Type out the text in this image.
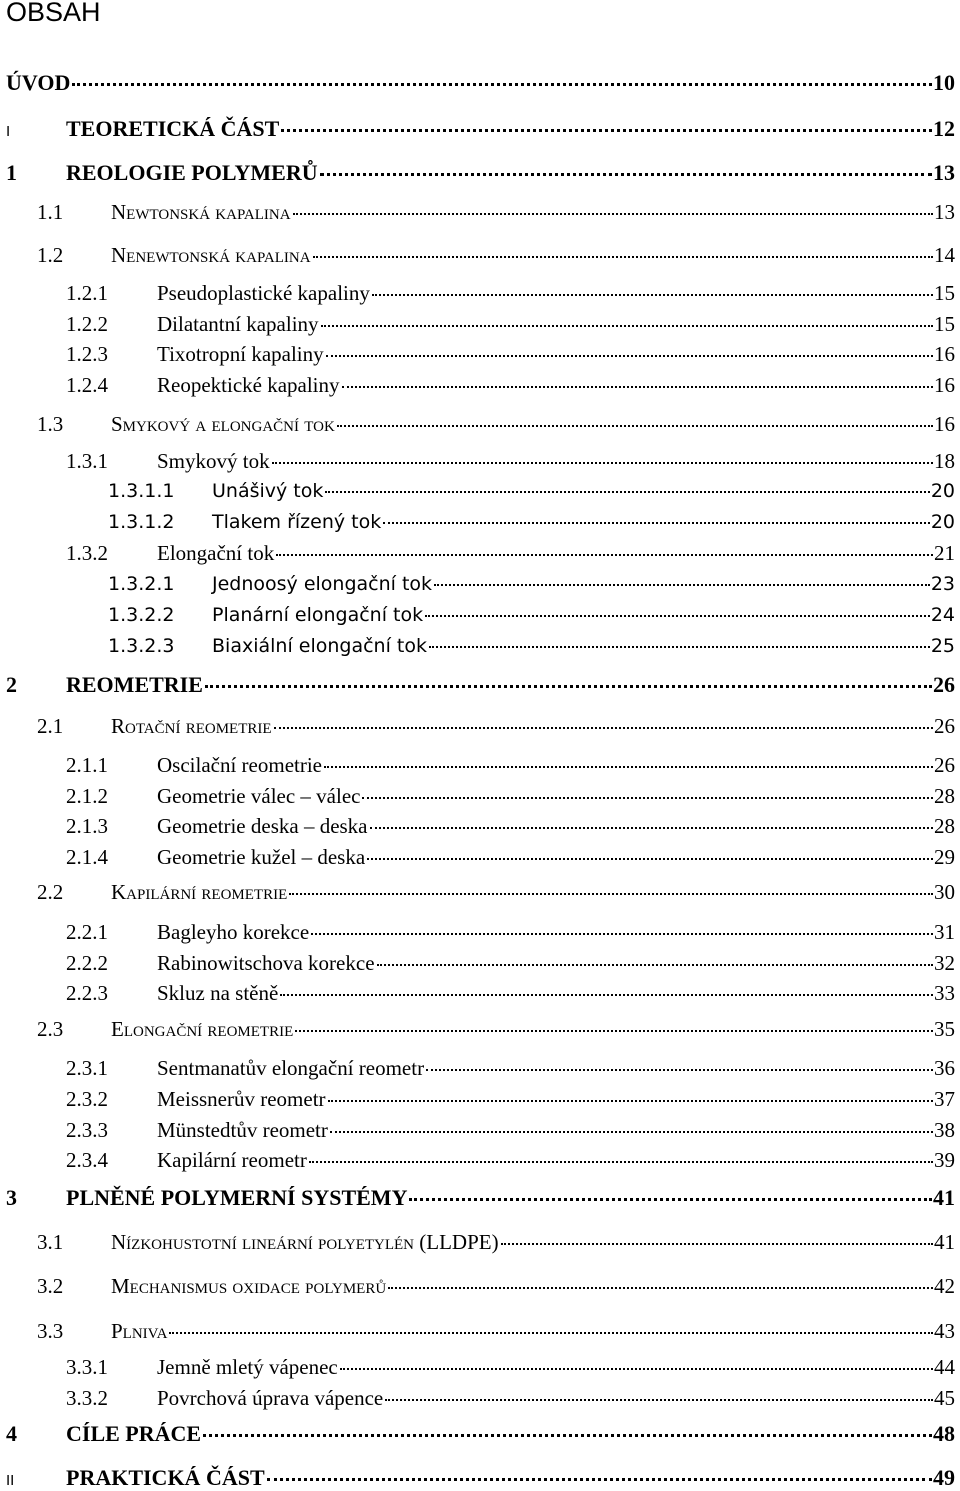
OBSAH
ÚVOD	10
I	TEORETICKÁ ČÁST	12
1	REOLOGIE POLYMERŮ	13
1.1	Newtonská kapalina	13
1.2	Nenewtonská kapalina	14
1.2.1	Pseudoplastické kapaliny	15
1.2.2	Dilatantní kapaliny	15
1.2.3	Tixotropní kapaliny	16
1.2.4	Reopektické kapaliny	16
1.3	Smykový a elongační tok	16
1.3.1	Smykový tok	18
1.3.1.1	Unášivý tok	20
1.3.1.2	Tlakem řízený tok	20
1.3.2	Elongační tok	21
1.3.2.1	Jednoosý elongační tok	23
1.3.2.2	Planární elongační tok	24
1.3.2.3	Biaxiální elongační tok	25
2	REOMETRIE	26
2.1	Rotační reometrie	26
2.1.1	Oscilační reometrie	26
2.1.2	Geometrie válec – válec	28
2.1.3	Geometrie deska – deska	28
2.1.4	Geometrie kužel – deska	29
2.2	Kapilární reometrie	30
2.2.1	Bagleyho korekce	31
2.2.2	Rabinowitschova korekce	32
2.2.3	Skluz na stěně	33
2.3	Elongační reometrie	35
2.3.1	Sentmanatův elongační reometr	36
2.3.2	Meissnerův reometr	37
2.3.3	Münstedtův reometr	38
2.3.4	Kapilární reometr	39
3	PLNĚNÉ POLYMERNÍ SYSTÉMY	41
3.1	Nízkohustotní lineární polyetylén (LLDPE)	41
3.2	Mechanismus oxidace polymerů	42
3.3	Plniva	43
3.3.1	Jemně mletý vápenec	44
3.3.2	Povrchová úprava vápence	45
4	CÍLE PRÁCE	48
II	PRAKTICKÁ ČÁST	49
